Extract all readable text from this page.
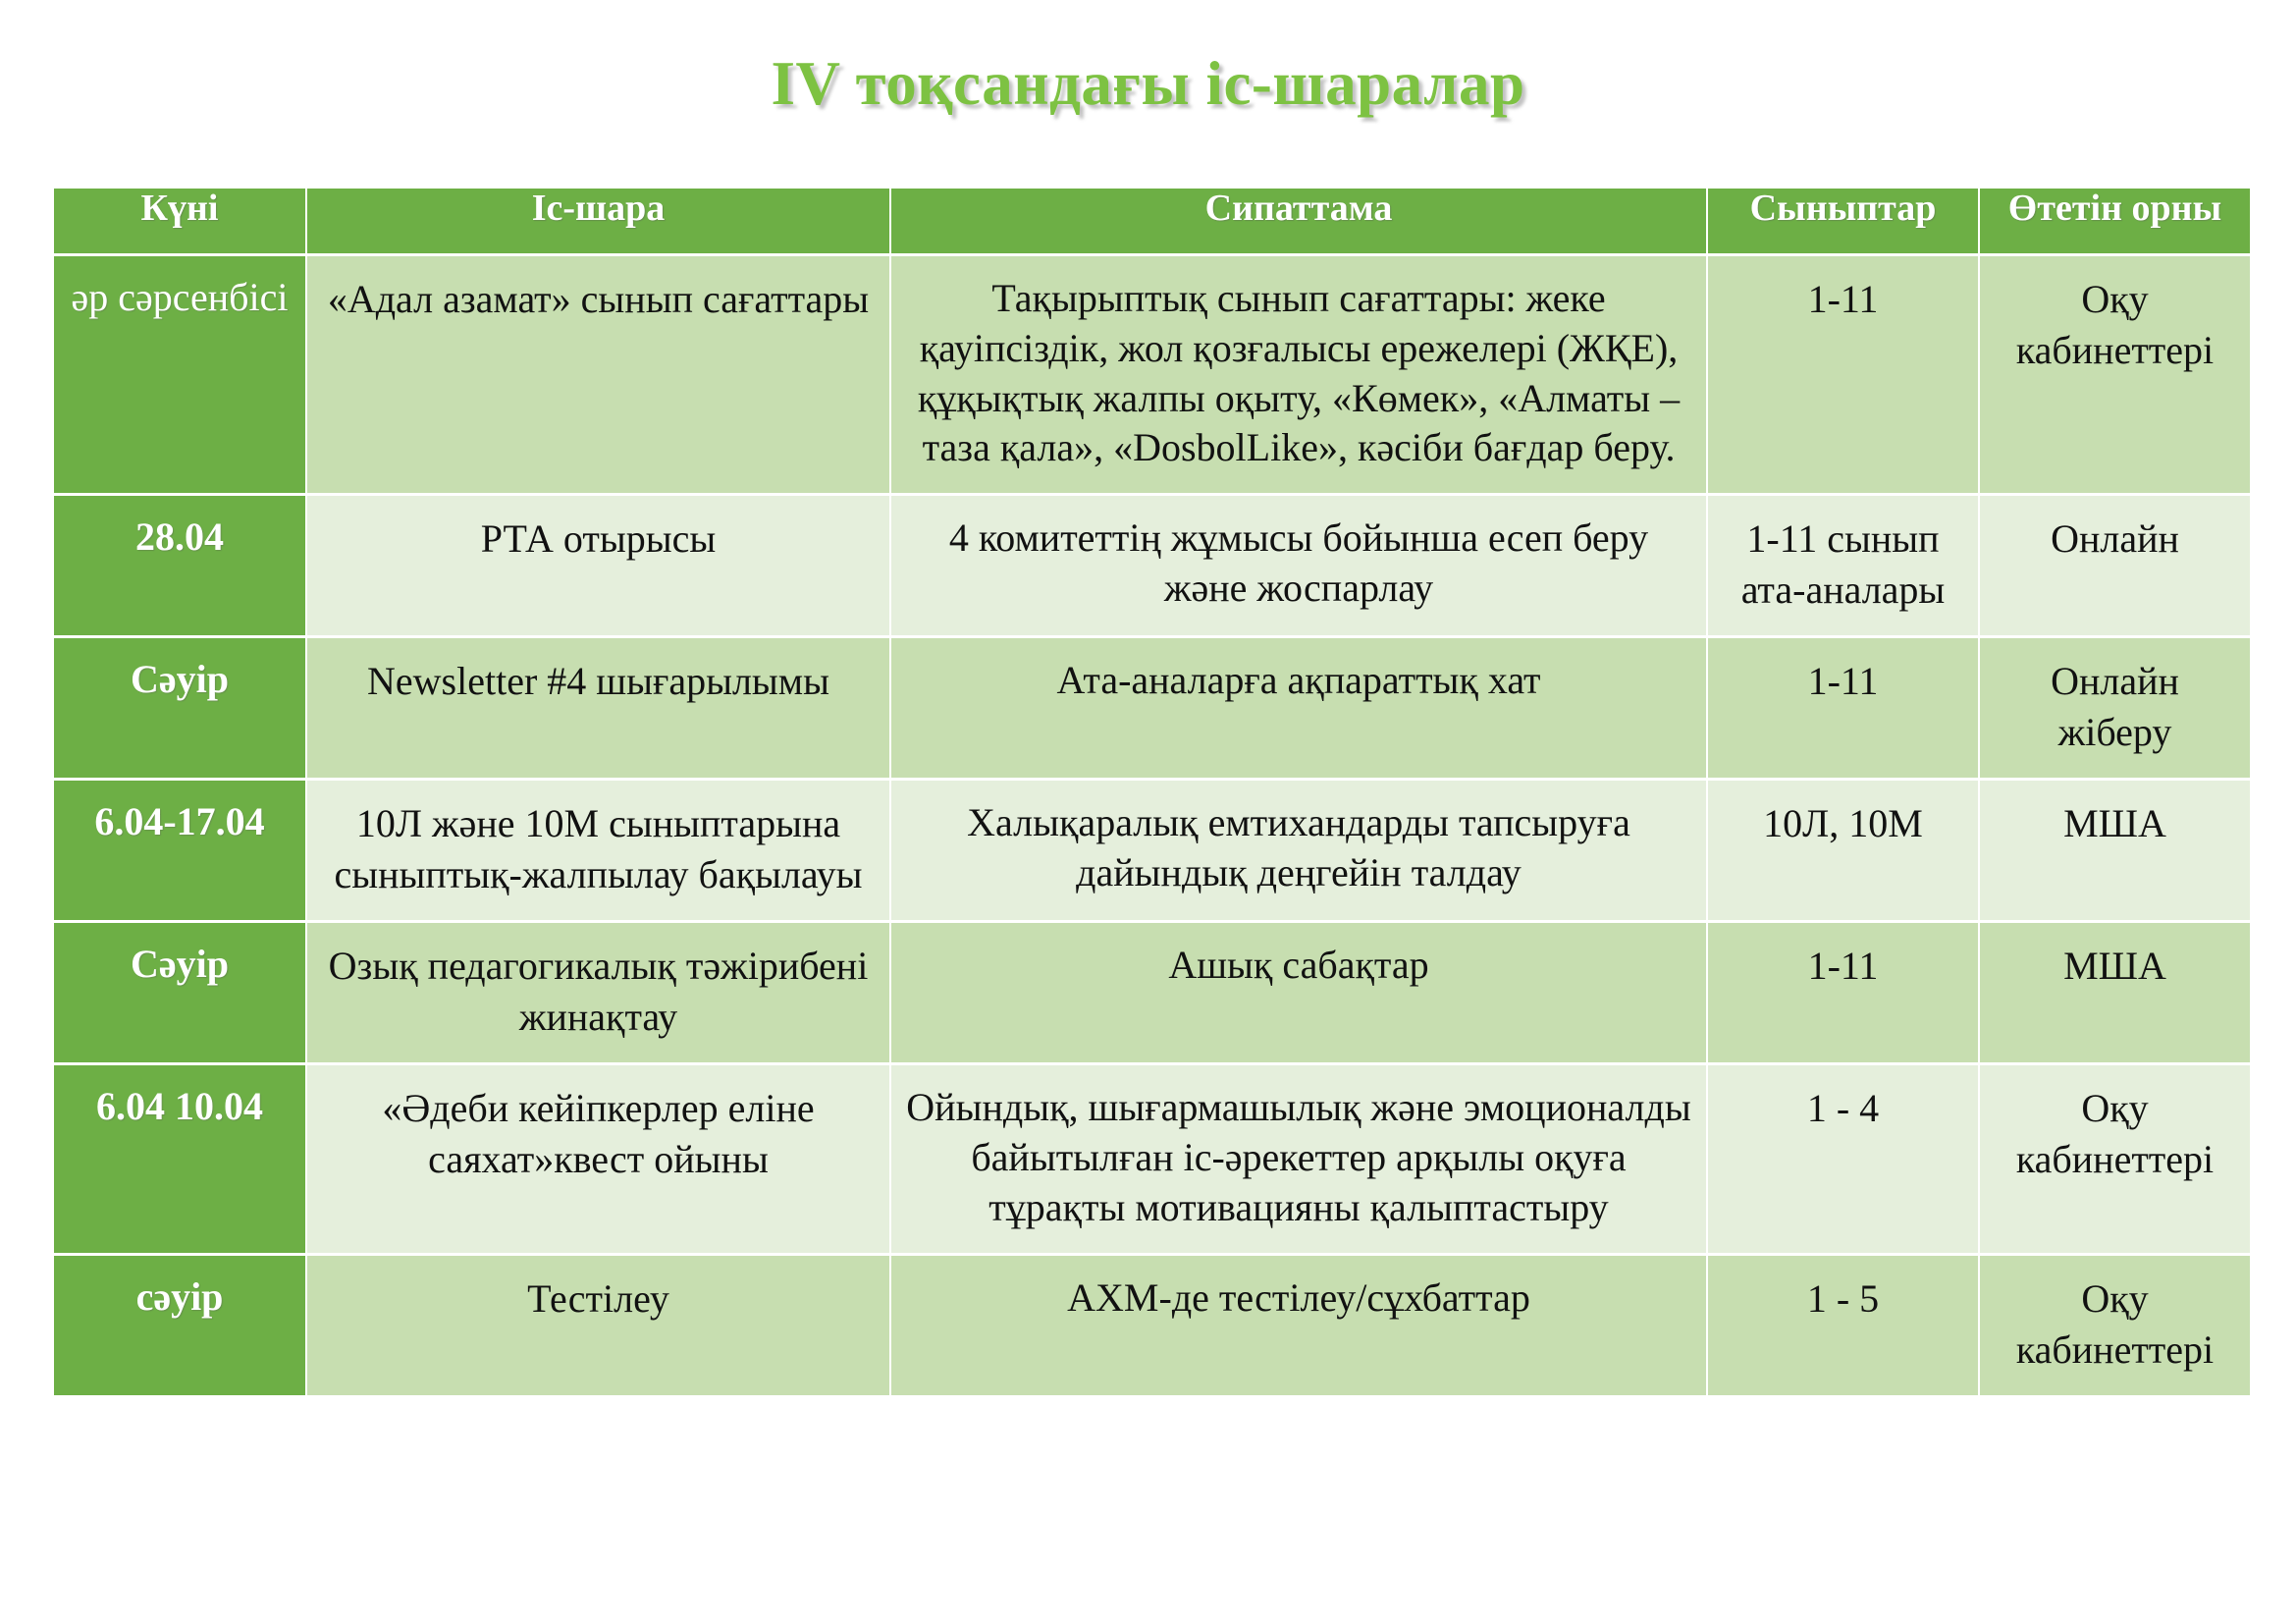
IV тоқсандағы іс-шаралар
Күні	Іс-шара	Сипаттама	Сыныптар	Өтетін орны
әр сәрсенбісі	«Адал азамат» сынып сағаттары	Тақырыптық сынып сағаттары: жеке қауіпсіздік, жол қозғалысы ережелері (ЖҚЕ), құқықтық жалпы оқыту, «Көмек», «Алматы – таза қала», «DosbolLike», кәсіби бағдар беру.	1-11	Оқу кабинеттері
28.04	РТА отырысы	4 комитеттің жұмысы бойынша есеп беру және жоспарлау	1-11 сынып ата-аналары	Онлайн
Сәуір	Newsletter #4 шығарылымы	Ата-аналарға ақпараттық хат	1-11	Онлайн жіберу
6.04-17.04	10Л және 10М сыныптарына сыныптық-жалпылау бақылауы	Халықаралық емтихандарды тапсыруға дайындық деңгейін талдау	10Л, 10М	МША
Сәуір	Озық педагогикалық тәжірибені жинақтау	Ашық сабақтар	1-11	МША
6.04 10.04	«Әдеби кейіпкерлер еліне саяхат»квест ойыны	Ойындық, шығармашылық және эмоционалды байытылған іс-әрекеттер арқылы оқуға тұрақты мотивацияны қалыптастыру	1 - 4	Оқу кабинеттері
сәуір	Тестілеу	АХМ-де тестілеу/сұхбаттар	1 - 5	Оқу кабинеттері
